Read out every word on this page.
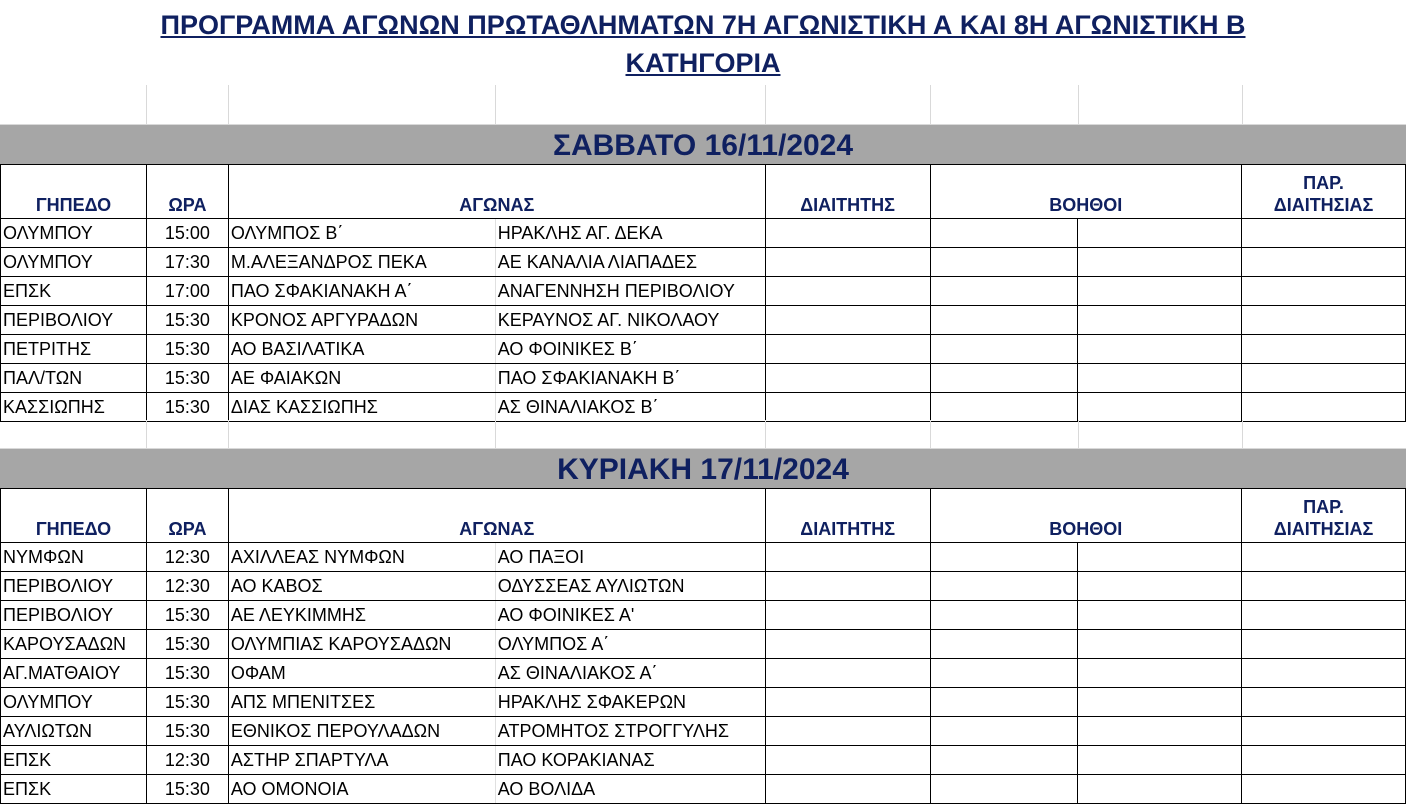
ΠΡΟΓΡΑΜΜΑ ΑΓΩΝΩΝ ΠΡΩΤΑΘΛΗΜΑΤΩΝ 7Η ΑΓΩΝΙΣΤΙΚΗ Α ΚΑΙ 8Η ΑΓΩΝΙΣΤΙΚΗ Β
ΚΑΤΗΓΟΡΙΑ
ΣΑΒΒΑΤΟ 16/11/2024
ΓΗΠΕΔΟ	ΩΡΑ	ΑΓΩΝΑΣ		ΔΙΑΙΤΗΤΗΣ	ΒΟΗΘΟΙ		ΠΑΡ.
ΔΙΑΙΤΗΣΙΑΣ
ΟΛΥΜΠΟΥ	15:00	ΟΛΥΜΠΟΣ Β΄	ΗΡΑΚΛΗΣ ΑΓ. ΔΕΚΑ				
ΟΛΥΜΠΟΥ	17:30	Μ.ΑΛΕΞΑΝΔΡΟΣ ΠΕΚΑ	ΑΕ ΚΑΝΑΛΙΑ ΛΙΑΠΑΔΕΣ				
ΕΠΣΚ	17:00	ΠΑΟ ΣΦΑΚΙΑΝΑΚΗ Α΄	ΑΝΑΓΕΝΝΗΣΗ ΠΕΡΙΒΟΛΙΟΥ				
ΠΕΡΙΒΟΛΙΟΥ	15:30	ΚΡΟΝΟΣ ΑΡΓΥΡΑΔΩΝ	ΚΕΡΑΥΝΟΣ ΑΓ. ΝΙΚΟΛΑΟΥ				
ΠΕΤΡΙΤΗΣ	15:30	ΑΟ ΒΑΣΙΛΑΤΙΚΑ	ΑΟ ΦΟΙΝΙΚΕΣ Β΄				
ΠΑΛ/ΤΩΝ	15:30	ΑΕ ΦΑΙΑΚΩΝ	ΠΑΟ ΣΦΑΚΙΑΝΑΚΗ Β΄				
ΚΑΣΣΙΩΠΗΣ	15:30	ΔΙΑΣ ΚΑΣΣΙΩΠΗΣ	ΑΣ ΘΙΝΑΛΙΑΚΟΣ Β΄				
ΚΥΡΙΑΚΗ 17/11/2024
ΓΗΠΕΔΟ	ΩΡΑ	ΑΓΩΝΑΣ		ΔΙΑΙΤΗΤΗΣ	ΒΟΗΘΟΙ		ΠΑΡ.
ΔΙΑΙΤΗΣΙΑΣ
ΝΥΜΦΩΝ	12:30	ΑΧΙΛΛΕΑΣ ΝΥΜΦΩΝ	ΑΟ ΠΑΞΟΙ				
ΠΕΡΙΒΟΛΙΟΥ	12:30	ΑΟ ΚΑΒΟΣ	ΟΔΥΣΣΕΑΣ ΑΥΛΙΩΤΩΝ				
ΠΕΡΙΒΟΛΙΟΥ	15:30	ΑΕ ΛΕΥΚΙΜΜΗΣ	ΑΟ ΦΟΙΝΙΚΕΣ Α'				
ΚΑΡΟΥΣΑΔΩΝ	15:30	ΟΛΥΜΠΙΑΣ ΚΑΡΟΥΣΑΔΩΝ	ΟΛΥΜΠΟΣ Α΄				
ΑΓ.ΜΑΤΘΑΙΟΥ	15:30	ΟΦΑΜ	ΑΣ ΘΙΝΑΛΙΑΚΟΣ Α΄				
ΟΛΥΜΠΟΥ	15:30	ΑΠΣ ΜΠΕΝΙΤΣΕΣ	ΗΡΑΚΛΗΣ ΣΦΑΚΕΡΩΝ				
ΑΥΛΙΩΤΩΝ	15:30	ΕΘΝΙΚΟΣ ΠΕΡΟΥΛΑΔΩΝ	ΑΤΡΟΜΗΤΟΣ ΣΤΡΟΓΓΥΛΗΣ				
ΕΠΣΚ	12:30	ΑΣΤΗΡ ΣΠΑΡΤΥΛΑ	ΠΑΟ ΚΟΡΑΚΙΑΝΑΣ				
ΕΠΣΚ	15:30	ΑΟ ΟΜΟΝΟΙΑ	ΑΟ ΒΟΛΙΔΑ				
